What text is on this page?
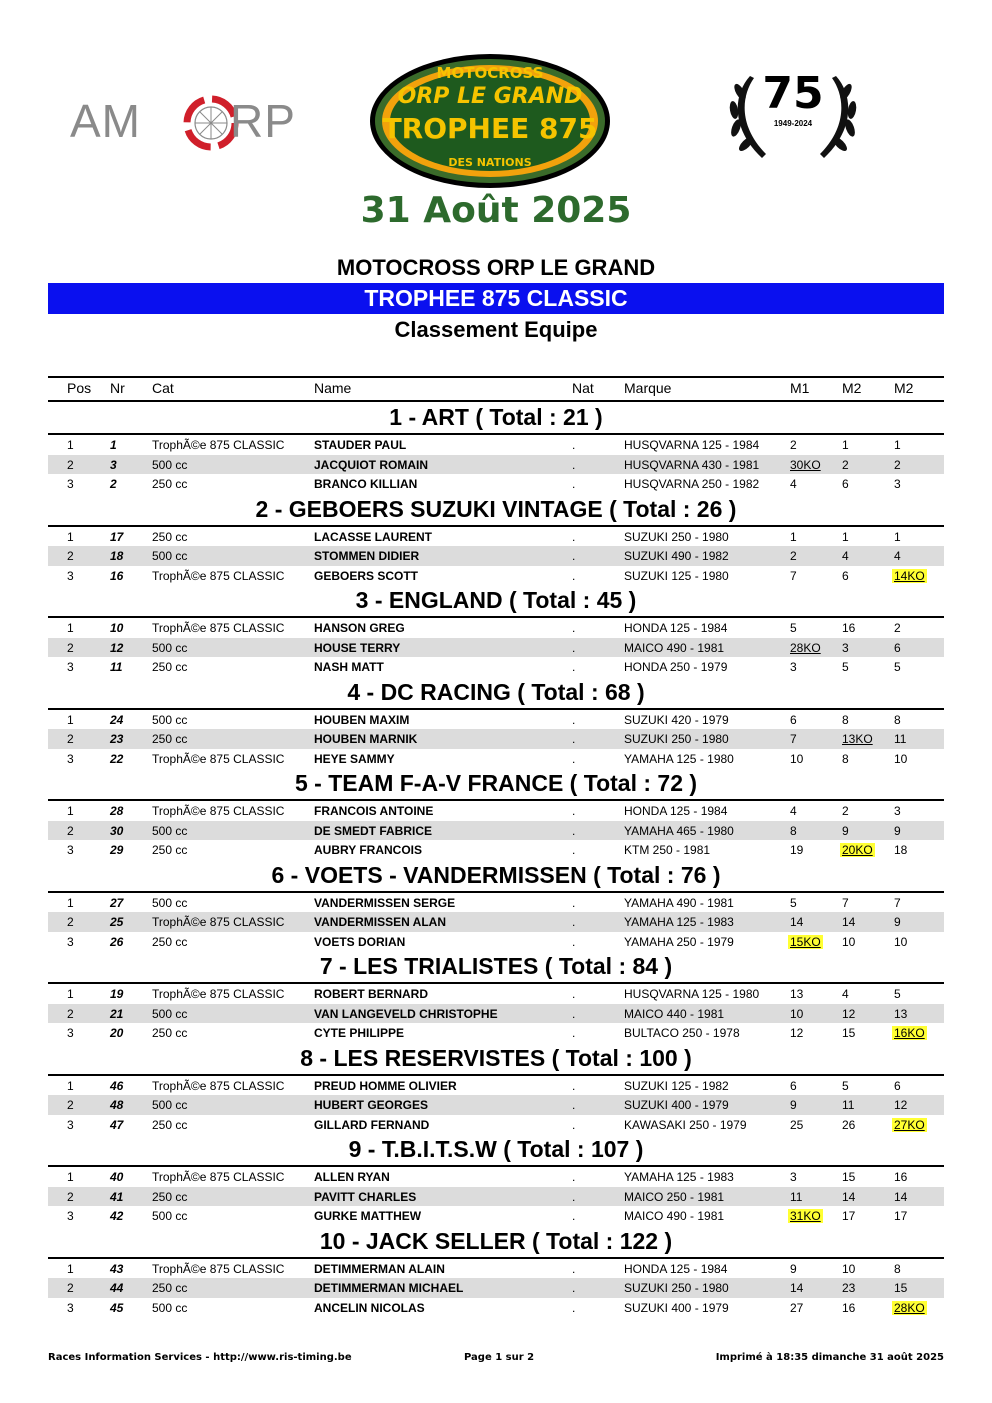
AM RP
MOTOCROSS
ORP LE GRAND
TROPHEE 875
DES NATIONS
75
1949-2024
31 Août 2025
MOTOCROSS ORP LE GRAND
TROPHEE 875 CLASSIC
Classement Equipe
Pos Nr Cat	Name	Nat Marque	M1 M2 M2
1 - ART ( Total : 21 )
1	1	TrophÃ©e 875 CLASSIC STAUDER PAUL	.	HUSQVARNA 125 - 1984	2	1	1
2	3	500 cc	JACQUIOT ROMAIN	.	HUSQVARNA 430 - 1981	30KO 2	2
3	2	250 cc	BRANCO KILLIAN	.	HUSQVARNA 250 - 1982	4	6	3
2 - GEBOERS SUZUKI VINTAGE ( Total : 26 )
1	17 250 cc	LACASSE LAURENT	.	SUZUKI 250 - 1980	1	1	1
2	18 500 cc	STOMMEN DIDIER	.	SUZUKI 490 - 1982	2	4	4
3	16 TrophÃ©e 875 CLASSIC GEBOERS SCOTT	.	SUZUKI 125 - 1980	7	6	14KO
3 - ENGLAND ( Total : 45 )
1	10 TrophÃ©e 875 CLASSIC HANSON GREG	.	HONDA 125 - 1984	5	16	2
2	12 500 cc	HOUSE TERRY	.	MAICO 490 - 1981	28KO 3	6
3	11 250 cc	NASH MATT	.	HONDA 250 - 1979	3	5	5
4 - DC RACING ( Total : 68 )
1	24 500 cc	HOUBEN MAXIM	.	SUZUKI 420 - 1979	6	8	8
2	23 250 cc	HOUBEN MARNIK	.	SUZUKI 250 - 1980	7	13KO 11
3	22 TrophÃ©e 875 CLASSIC HEYE SAMMY	.	YAMAHA 125 - 1980	10	8	10
5 - TEAM F-A-V FRANCE ( Total : 72 )
1	28 TrophÃ©e 875 CLASSIC FRANCOIS ANTOINE	.	HONDA 125 - 1984	4	2	3
2	30 500 cc	DE SMEDT FABRICE	.	YAMAHA 465 - 1980	8	9	9
3	29 250 cc	AUBRY FRANCOIS	.	KTM 250 - 1981	19	20KO 18
6 - VOETS - VANDERMISSEN ( Total : 76 )
1	27 500 cc	VANDERMISSEN SERGE	.	YAMAHA 490 - 1981	5	7	7
2	25 TrophÃ©e 875 CLASSIC VANDERMISSEN ALAN	.	YAMAHA 125 - 1983	14	14	9
3	26 250 cc	VOETS DORIAN	.	YAMAHA 250 - 1979	15KO 10	10
7 - LES TRIALISTES ( Total : 84 )
1	19 TrophÃ©e 875 CLASSIC ROBERT BERNARD	.	HUSQVARNA 125 - 1980	13	4	5
2	21 500 cc	VAN LANGEVELD CHRISTOPHE	.	MAICO 440 - 1981	10	12	13
3	20 250 cc	CYTE PHILIPPE	.	BULTACO 250 - 1978	12	15	16KO
8 - LES RESERVISTES ( Total : 100 )
1	46 TrophÃ©e 875 CLASSIC PREUD HOMME OLIVIER	.	SUZUKI 125 - 1982	6	5	6
2	48 500 cc	HUBERT GEORGES	.	SUZUKI 400 - 1979	9	11	12
3	47 250 cc	GILLARD FERNAND	.	KAWASAKI 250 - 1979	25	26	27KO
9 - T.B.I.T.S.W ( Total : 107 )
1	40 TrophÃ©e 875 CLASSIC ALLEN RYAN	.	YAMAHA 125 - 1983	3	15	16
2	41 250 cc	PAVITT CHARLES	.	MAICO 250 - 1981	11	14	14
3	42 500 cc	GURKE MATTHEW	.	MAICO 490 - 1981	31KO 17	17
10 - JACK SELLER ( Total : 122 )
1	43 TrophÃ©e 875 CLASSIC DETIMMERMAN ALAIN	.	HONDA 125 - 1984	9	10	8
2	44 250 cc	DETIMMERMAN MICHAEL	.	SUZUKI 250 - 1980	14	23	15
3	45 500 cc	ANCELIN NICOLAS	.	SUZUKI 400 - 1979	27	16	28KO
Races Information Services - http://www.ris-timing.be	Page 1 sur 2	Imprimé à 18:35 dimanche 31 août 2025
